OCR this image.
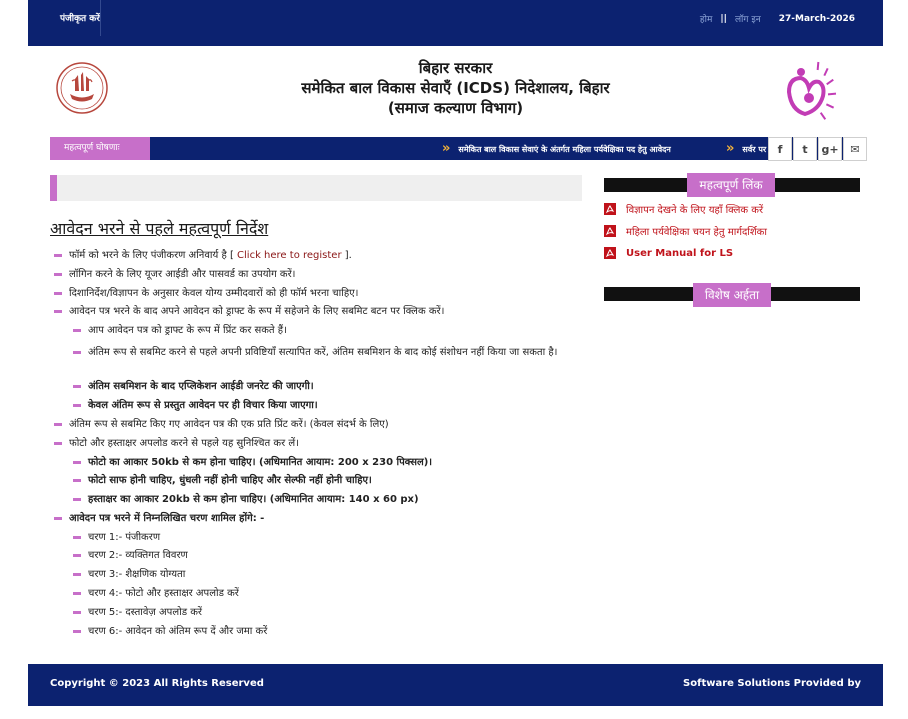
पंजीकृत करें	होम || लॉग इन 27-March-2026
बिहार सरकार
समेकित बाल विकास सेवाएँ (ICDS) निदेशालय, बिहार
(समाज कल्याण विभाग)
महत्वपूर्ण घोषणाः	» समेकित बाल विकास सेवाएं के अंतर्गत महिला पर्यवेक्षिका पद हेतु आवेदन	» सर्वर पर	f	t	g+	✉
आवेदन भरने से पहले महत्वपूर्ण निर्देश
फॉर्म को भरने के लिए पंजीकरण अनिवार्य है [ Click here to register ].
लॉगिन करने के लिए यूजर आईडी और पासवर्ड का उपयोग करें।
दिशानिर्देश/विज्ञापन के अनुसार केवल योग्य उम्मीदवारों को ही फॉर्म भरना चाहिए।
आवेदन पत्र भरने के बाद अपने आवेदन को ड्राफ्ट के रूप में सहेजने के लिए सबमिट बटन पर क्लिक करें।
आप आवेदन पत्र को ड्राफ्ट के रूप में प्रिंट कर सकते हैं।
अंतिम रूप से सबमिट करने से पहले अपनी प्रविष्टियाँ सत्यापित करें, अंतिम सबमिशन के बाद कोई संशोधन नहीं किया जा सकता है।
अंतिम सबमिशन के बाद एप्लिकेशन आईडी जनरेट की जाएगी।
केवल अंतिम रूप से प्रस्तुत आवेदन पर ही विचार किया जाएगा।
अंतिम रूप से सबमिट किए गए आवेदन पत्र की एक प्रति प्रिंट करें। (केवल संदर्भ के लिए)
फोटो और हस्ताक्षर अपलोड करने से पहले यह सुनिश्चित कर लें।
फोटो का आकार 50kb से कम होना चाहिए। (अधिमानित आयाम: 200 x 230 पिक्सल)।
फोटो साफ होनी चाहिए, धुंधली नहीं होनी चाहिए और सेल्फी नहीं होनी चाहिए।
हस्ताक्षर का आकार 20kb से कम होना चाहिए। (अधिमानित आयाम: 140 x 60 px)
आवेदन पत्र भरने में निम्नलिखित चरण शामिल होंगे: -
चरण 1:- पंजीकरण
चरण 2:- व्यक्तिगत विवरण
चरण 3:- शैक्षणिक योग्यता
चरण 4:- फोटो और हस्ताक्षर अपलोड करें
चरण 5:- दस्तावेज़ अपलोड करें
चरण 6:- आवेदन को अंतिम रूप दें और जमा करें
महत्वपूर्ण लिंक
विज्ञापन देखने के लिए यहाँ क्लिक करें
महिला पर्यवेक्षिका चयन हेतु मार्गदर्शिका
User Manual for LS
विशेष अर्हता
Copyright © 2023 All Rights Reserved	Software Solutions Provided by
